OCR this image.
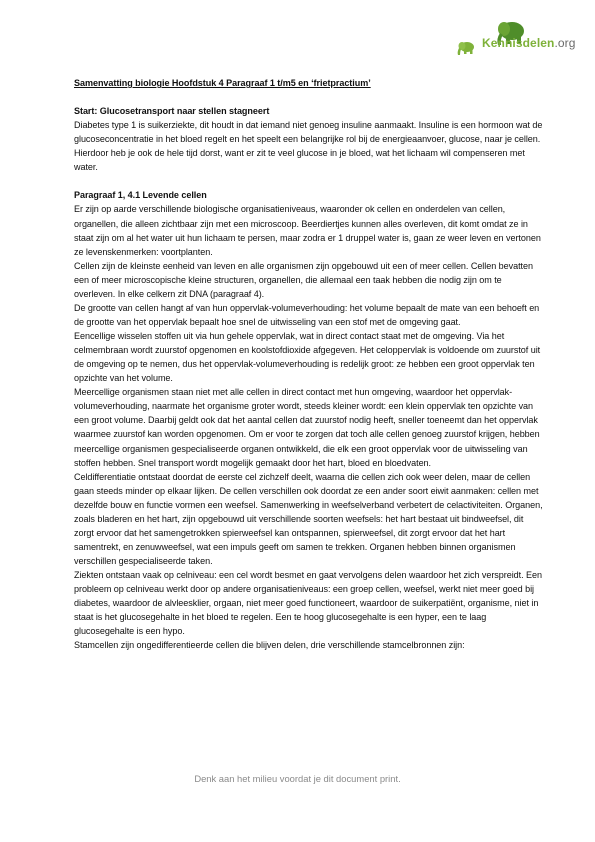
Kennisdelen.org

Samenvatting biologie Hoofdstuk 4 Paragraaf 1 t/m5 en ‘frietpractium’

Start: Glucosetransport naar stellen stagneert

Diabetes type 1 is suikerziekte, dit houdt in dat iemand niet genoeg insuline aanmaakt. Insuline is een hormoon wat de glucoseconcentratie in het bloed regelt en het speelt een belangrijke rol bij de energieaanvoer, glucose, naar je cellen. Hierdoor heb je ook de hele tijd dorst, want er zit te veel glucose in je bloed, wat het lichaam wil compenseren met water.

Paragraaf 1, 4.1 Levende cellen

Er zijn op aarde verschillende biologische organisatieniveaus, waaronder ok cellen en onderdelen van cellen, organellen, die alleen zichtbaar zijn met een microscoop. Beerdiertjes kunnen alles overleven, dit komt omdat ze in staat zijn om al het water uit hun lichaam te persen, maar zodra er 1 druppel water is, gaan ze weer leven en vertonen ze levenskenmerken: voortplanten.

Cellen zijn de kleinste eenheid van leven en alle organismen zijn opgebouwd uit een of meer cellen. Cellen bevatten een of meer microscopische kleine structuren, organellen, die allemaal een taak hebben die nodig zijn om te overleven. In elke celkern zit DNA (paragraaf 4).

De grootte van cellen hangt af van hun oppervlak-volumeverhouding: het volume bepaalt de mate van een behoeft en de grootte van het oppervlak bepaalt hoe snel de uitwisseling van een stof met de omgeving gaat.

Eencellige wisselen stoffen uit via hun gehele oppervlak, wat in direct contact staat met de omgeving. Via het celmembraan wordt zuurstof opgenomen en koolstofdioxide afgegeven. Het celoppervlak is voldoende om zuurstof uit de omgeving op te nemen, dus het oppervlak-volumeverhouding is redelijk groot: ze hebben een groot oppervlak ten opzichte van het volume.

Meercellige organismen staan niet met alle cellen in direct contact met hun omgeving, waardoor het oppervlak-volumeverhouding, naarmate het organisme groter wordt, steeds kleiner wordt: een klein oppervlak ten opzichte van een groot volume. Daarbij geldt ook dat het aantal cellen dat zuurstof nodig heeft, sneller toeneemt dan het oppervlak waarmee zuurstof kan worden opgenomen. Om er voor te zorgen dat toch alle cellen genoeg zuurstof krijgen, hebben meercellige organismen gespecialiseerde organen ontwikkeld, die elk een groot oppervlak voor de uitwisseling van stoffen hebben. Snel transport wordt mogelijk gemaakt door het hart, bloed en bloedvaten.

Celdifferentiatie ontstaat doordat de eerste cel zichzelf deelt, waarna die cellen zich ook weer delen, maar de cellen gaan steeds minder op elkaar lijken. De cellen verschillen ook doordat ze een ander soort eiwit aanmaken: cellen met dezelfde bouw en functie vormen een weefsel. Samenwerking in weefselverband verbetert de celactiviteiten. Organen, zoals bladeren en het hart, zijn opgebouwd uit verschillende soorten weefsels: het hart bestaat uit bindweefsel, dit zorgt ervoor dat het samengetrokken spierweefsel kan ontspannen, spierweefsel, dit zorgt ervoor dat het hart samentrekt, en zenuwweefsel, wat een impuls geeft om samen te trekken. Organen hebben binnen organismen verschillen gespecialiseerde taken.

Ziekten ontstaan vaak op celniveau: een cel wordt besmet en gaat vervolgens delen waardoor het zich verspreidt. Een probleem op celniveau werkt door op andere organisatieniveaus: een groep cellen, weefsel, werkt niet meer goed bij diabetes, waardoor de alvleesklier, orgaan, niet meer goed functioneert, waardoor de suikerpatiënt, organisme, niet in staat is het glucosegehalte in het bloed te regelen. Een te hoog glucosegehalte is een hyper, een te laag glucosegehalte is een hypo.

Stamcellen zijn ongedifferentieerde cellen die blijven delen, drie verschillende stamcelbronnen zijn:

Denk aan het milieu voordat je dit document print.
